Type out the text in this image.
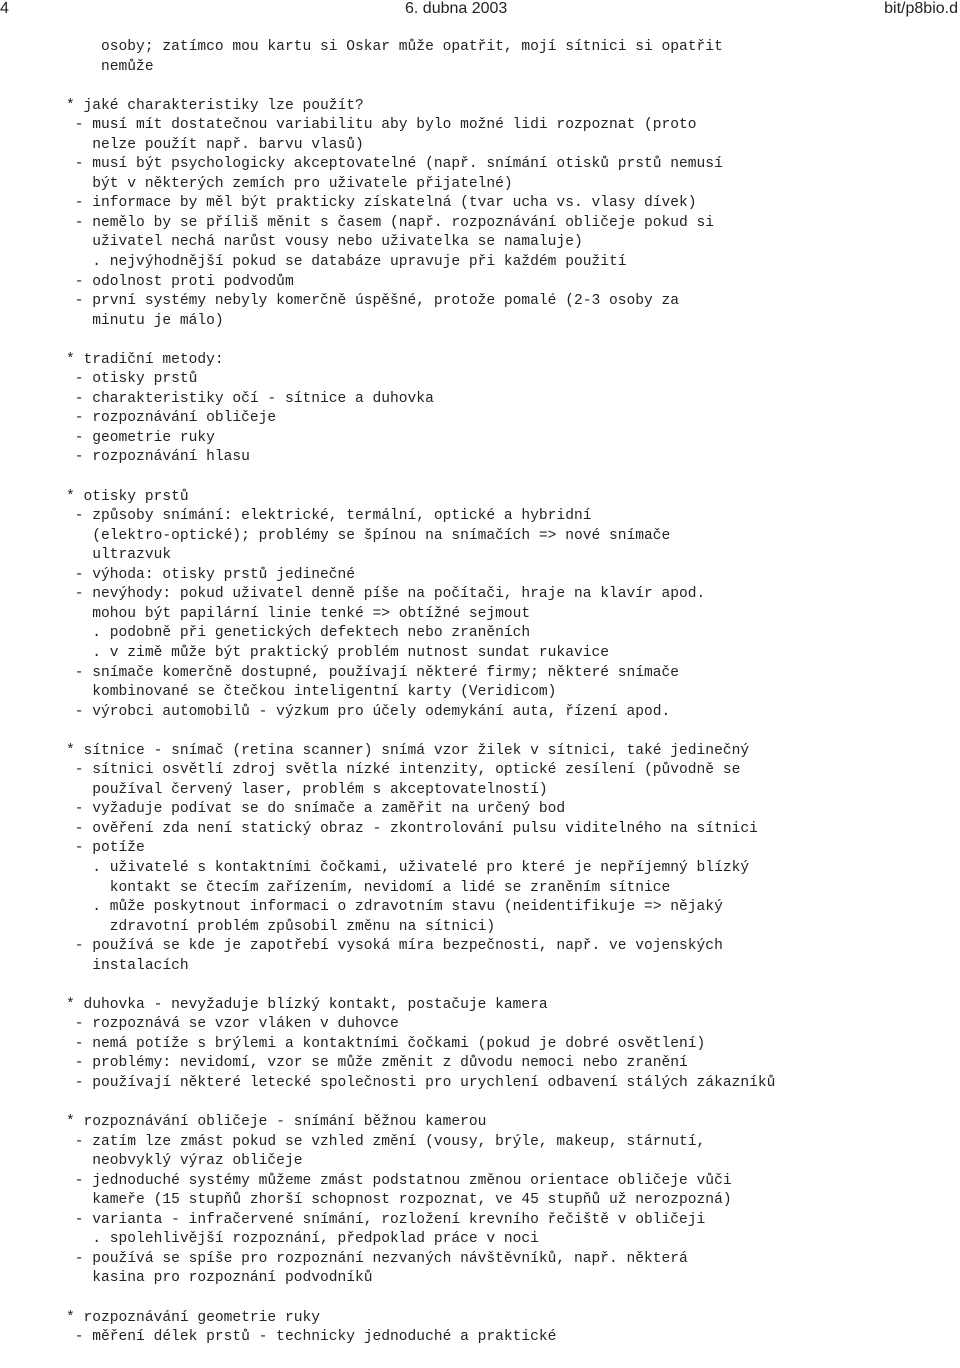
4	6. dubna 2003	bit/p8bio.d
osoby; zatímco mou kartu si Oskar může opatřit, mojí sítnici si opatřit
nemůže
* jaké charakteristiky lze použít?
- musí mít dostatečnou variabilitu aby bylo možné lidi rozpoznat (proto
nelze použít např. barvu vlasů)
- musí být psychologicky akceptovatelné (např. snímání otisků prstů nemusí
být v některých zemích pro uživatele přijatelné)
- informace by měl být prakticky získatelná (tvar ucha vs. vlasy dívek)
- nemělo by se příliš měnit s časem (např. rozpoznávání obličeje pokud si
uživatel nechá narůst vousy nebo uživatelka se namaluje)
. nejvýhodnější pokud se databáze upravuje při každém použití
- odolnost proti podvodům
- první systémy nebyly komerčně úspěšné, protože pomalé (2-3 osoby za
minutu je málo)
* tradiční metody:
- otisky prstů
- charakteristiky očí - sítnice a duhovka
- rozpoznávání obličeje
- geometrie ruky
- rozpoznávání hlasu
* otisky prstů
- způsoby snímání: elektrické, termální, optické a hybridní
(elektro-optické); problémy se špínou na snímačích => nové snímače
ultrazvuk
- výhoda: otisky prstů jedinečné
- nevýhody: pokud uživatel denně píše na počítači, hraje na klavír apod.
mohou být papilární linie tenké => obtížné sejmout
. podobně při genetických defektech nebo zraněních
. v zimě může být praktický problém nutnost sundat rukavice
- snímače komerčně dostupné, používají některé firmy; některé snímače
kombinované se čtečkou inteligentní karty (Veridicom)
- výrobci automobilů - výzkum pro účely odemykání auta, řízení apod.
* sítnice - snímač (retina scanner) snímá vzor žilek v sítnici, také jedinečný
- sítnici osvětlí zdroj světla nízké intenzity, optické zesílení (původně se
používal červený laser, problém s akceptovatelností)
- vyžaduje podívat se do snímače a zaměřit na určený bod
- ověření zda není statický obraz - zkontrolování pulsu viditelného na sítnici
- potíže
. uživatelé s kontaktními čočkami, uživatelé pro které je nepříjemný blízký
kontakt se čtecím zařízením, nevidomí a lidé se zraněním sítnice
. může poskytnout informaci o zdravotním stavu (neidentifikuje => nějaký
zdravotní problém způsobil změnu na sítnici)
- používá se kde je zapotřebí vysoká míra bezpečnosti, např. ve vojenských
instalacích
* duhovka - nevyžaduje blízký kontakt, postačuje kamera
- rozpoznává se vzor vláken v duhovce
- nemá potíže s brýlemi a kontaktními čočkami (pokud je dobré osvětlení)
- problémy: nevidomí, vzor se může změnit z důvodu nemoci nebo zranění
- používají některé letecké společnosti pro urychlení odbavení stálých zákazníků
* rozpoznávání obličeje - snímání běžnou kamerou
- zatím lze zmást pokud se vzhled změní (vousy, brýle, makeup, stárnutí,
neobvyklý výraz obličeje
- jednoduché systémy můžeme zmást podstatnou změnou orientace obličeje vůči
kameře (15 stupňů zhorší schopnost rozpoznat, ve 45 stupňů už nerozpozná)
- varianta - infračervené snímání, rozložení krevního řečiště v obličeji
. spolehlivější rozpoznání, předpoklad práce v noci
- používá se spíše pro rozpoznání nezvaných návštěvníků, např. některá
kasina pro rozpoznání podvodníků
* rozpoznávání geometrie ruky
- měření délek prstů - technicky jednoduché a praktické
